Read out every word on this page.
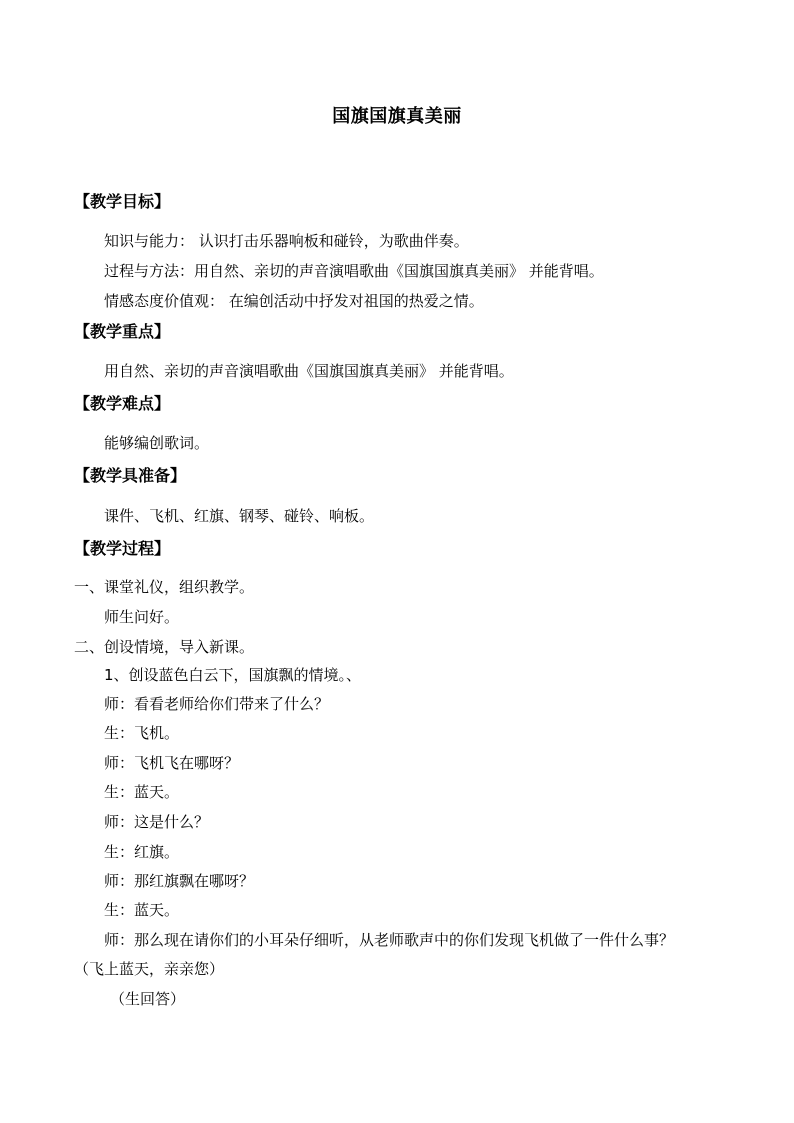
国旗国旗真美丽
【教学目标】
知识与能力： 认识打击乐器响板和碰铃，为歌曲伴奏。
过程与方法：用自然、亲切的声音演唱歌曲《国旗国旗真美丽》 并能背唱。
情感态度价值观： 在编创活动中抒发对祖国的热爱之情。
【教学重点】
用自然、亲切的声音演唱歌曲《国旗国旗真美丽》 并能背唱。
【教学难点】
能够编创歌词。
【教学具准备】
课件、飞机、红旗、钢琴、碰铃、响板。
【教学过程】
一、课堂礼仪，组织教学。
师生问好。
二、创设情境，导入新课。
1、创设蓝色白云下，国旗飘的情境。、
师：看看老师给你们带来了什么？
生：飞机。
师：飞机飞在哪呀？
生：蓝天。
师：这是什么？
生：红旗。
师：那红旗飘在哪呀？
生：蓝天。
师：那么现在请你们的小耳朵仔细听，从老师歌声中的你们发现飞机做了一件什么事？
（飞上蓝天，亲亲您）
（生回答）
